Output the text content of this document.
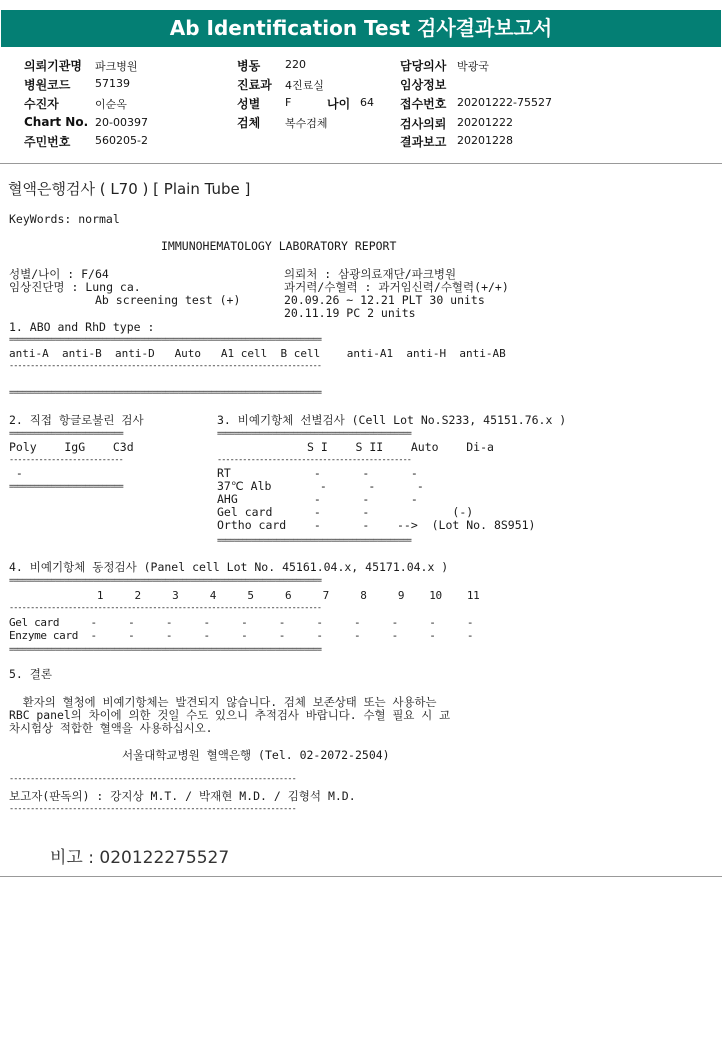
Ab Identification Test 검사결과보고서
의뢰기관명 파크병원
병원코드 57139
수진자	이순옥
Chart No. 20-00397
주민번호 560205-2
병동 220
진료과 4진료실
성별 F	나이 64
검체 복수검체
담당의사 박광국
임상정보
접수번호 20201222-75527
검사의뢰 20201222
결과보고 20201228
혈액은행검사 ( L70 ) [ Plain Tube ]
KeyWords: normal
IMMUNOHEMATOLOGY LABORATORY REPORT
성별/나이 : F/64
임상진단명 : Lung ca.
Ab screening test (+)
의뢰처 : 삼광의료재단/파크병원
과거력/수혈력 : 과거임신력/수혈력(+/+)
20.09.26 ~ 12.21 PLT 30 units
20.11.19 PC 2 units
1. ABO and RhD type :
==========================================================================
anti-A  anti-B  anti-D   Auto   A1 cell  B cell    anti-A1  anti-H  anti-AB
--------------------------------------------------------------------------
==========================================================================
2. 직접 항글로불린 검사
===========================
Poly    IgG    C3d
---------------------------
-
===========================
3. 비예기항체 선별검사 (Cell Lot No.S233, 45151.76.x )
==============================================
S I    S II    Auto    Di-a
----------------------------------------------
RT            -      -      -
37℃ Alb       -      -      -
AHG           -      -      -
Gel card      -      -            (-)
Ortho card    -      -    -->  (Lot No. 8S951)
==============================================
4. 비예기항체 동정검사 (Panel cell Lot No. 45161.04.x, 45171.04.x )
==========================================================================
1     2     3     4     5     6     7     8     9    10    11
--------------------------------------------------------------------------
Gel card     -     -     -     -     -     -     -     -     -     -     -
Enzyme card  -     -     -     -     -     -     -     -     -     -     -
==========================================================================
5. 결론
환자의 혈청에 비예기항체는 발견되지 않습니다. 검체 보존상태 또는 사용하는
RBC panel의 차이에 의한 것일 수도 있으니 추적검사 바랍니다. 수혈 필요 시 교
차시험상 적합한 혈액을 사용하십시오.
서울대학교병원 혈액은행 (Tel. 02-2072-2504)
--------------------------------------------------------------------
보고자(판독의) : 강지상 M.T. / 박재현 M.D. / 김형석 M.D.
--------------------------------------------------------------------
비고 : 020122275527
